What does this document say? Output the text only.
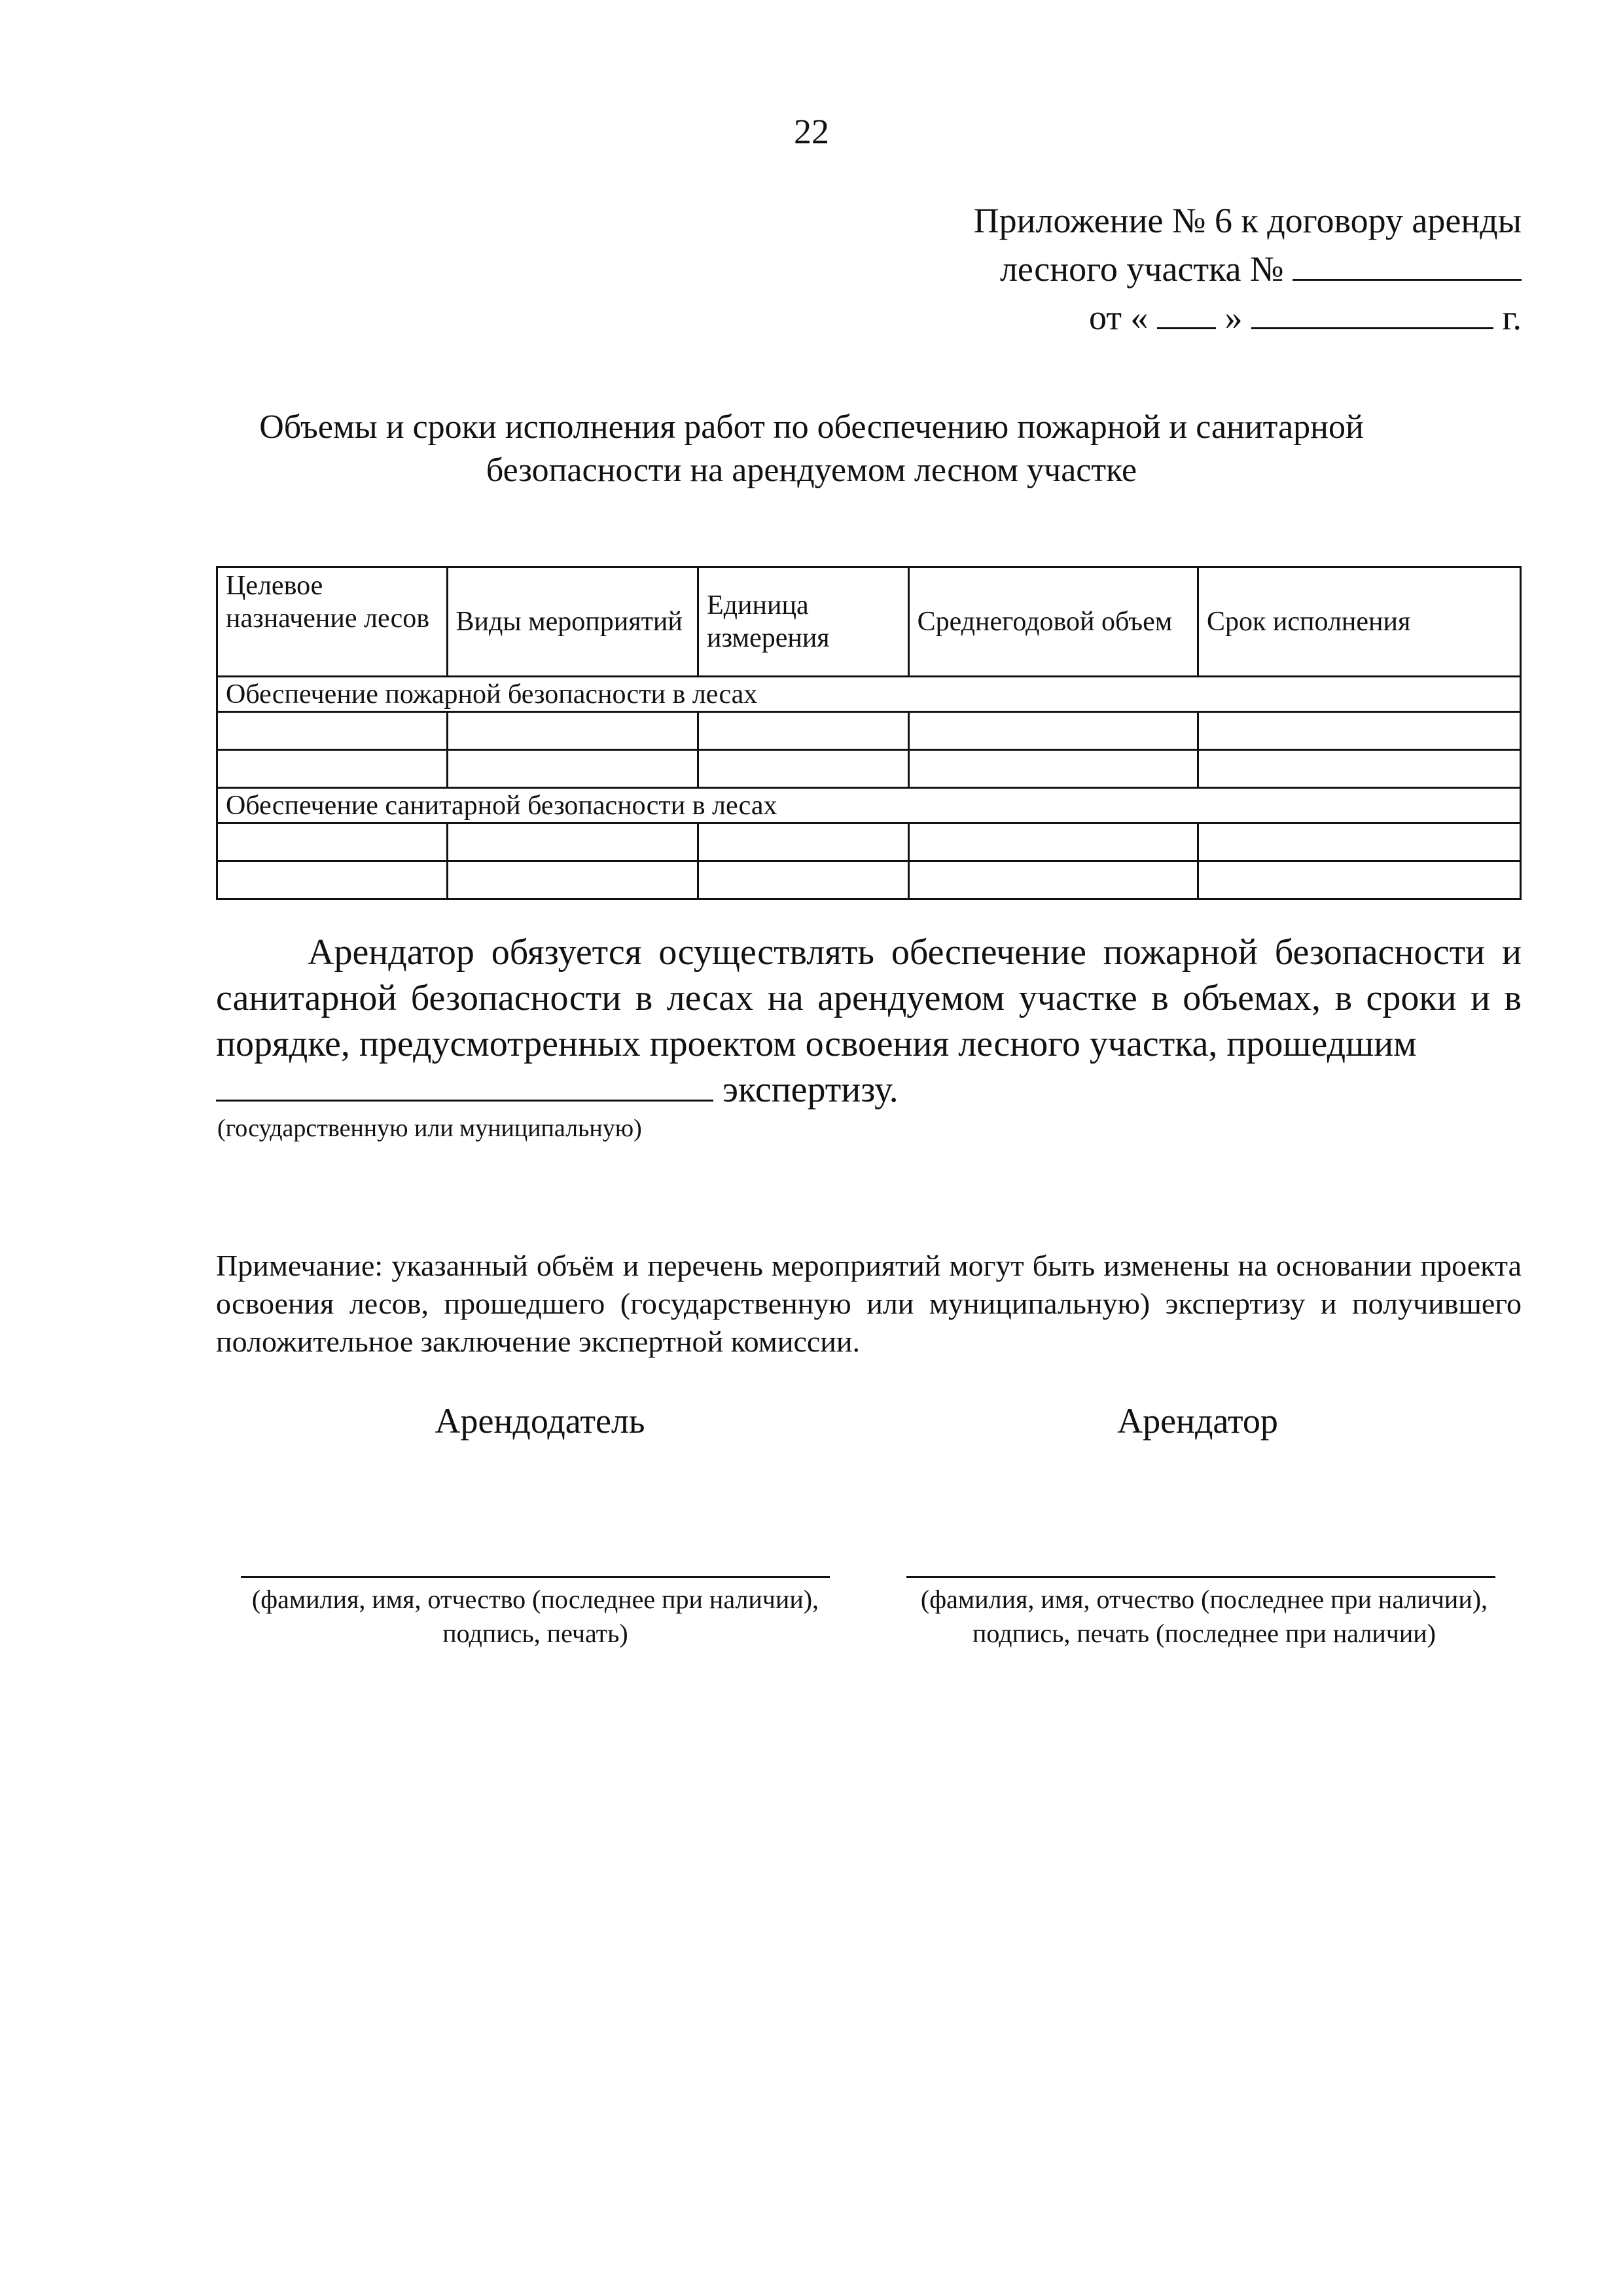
22
Приложение № 6 к договору аренды
лесного участка №
от « »	г.
Объемы и сроки исполнения работ по обеспечению пожарной и санитарной
безопасности на арендуемом лесном участке
Целевое назначение лесов	Виды мероприятий	Единица измерения	Среднегодовой объем	Срок исполнения
Обеспечение пожарной безопасности в лесах				

Обеспечение санитарной безопасности в лесах				

Арендатор обязуется осуществлять обеспечение пожарной безопасности и санитарной безопасности в лесах на арендуемом участке в объемах, в сроки и в порядке, предусмотренных проектом освоения лесного участка, прошедшим
экспертизу.

(государственную или муниципальную)
Примечание: указанный объём и перечень мероприятий могут быть изменены на основании проекта освоения лесов, прошедшего (государственную или муниципальную) экспертизу и получившего положительное заключение экспертной комиссии.
Арендодатель	Арендатор
(фамилия, имя, отчество (последнее при наличии),
подпись, печать)
(фамилия, имя, отчество (последнее при наличии),
подпись, печать (последнее при наличии)
